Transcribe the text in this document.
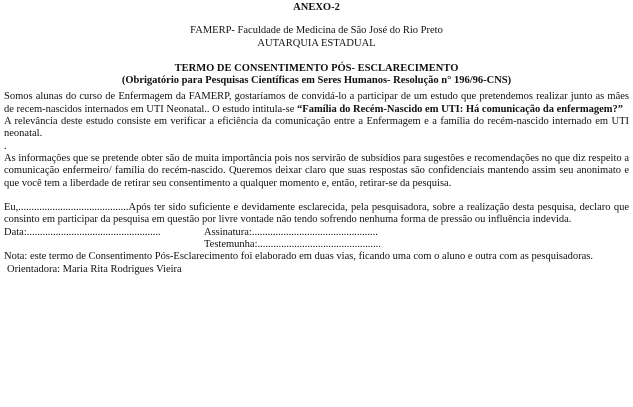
ANEXO-2
FAMERP- Faculdade de Medicina de São José do Rio Preto
AUTARQUIA ESTADUAL
TERMO DE CONSENTIMENTO PÓS- ESCLARECIMENTO
(Obrigatório para Pesquisas Científicas em Seres Humanos- Resolução n° 196/96-CNS)
Somos alunas do curso de Enfermagem da FAMERP, gostaríamos de convidá-lo a participar de um estudo que pretendemos realizar junto as mães de recem-nascidos internados em UTI Neonatal.. O estudo intitula-se “Família do Recém-Nascido em UTI: Há comunicação da enfermagem?”
A relevância deste estudo consiste em verificar a eficiência da comunicação entre a Enfermagem e a família do recém-nascido internado em UTI neonatal.
.
As informações que se pretende obter são de muita importância pois nos servirão de subsídios para sugestões e recomendações no que diz respeito a comunicação enfermeiro/ família do recém-nascido. Queremos deixar claro que suas respostas são confidenciais mantendo assim seu anonimato e que você tem a liberdade de retirar seu consentimento a qualquer momento e, então, retirar-se da pesquisa.
Eu,..........................................Após ter sido suficiente e devidamente esclarecida, pela pesquisadora, sobre a realização desta pesquisa, declaro que consinto em participar da pesquisa em questão por livre vontade não tendo sofrendo nenhuma forma de pressão ou influência indevida.
Data:...................................................	Assinatura:................................................
Testemunha:...............................................
Nota: este termo de Consentimento Pós-Esclarecimento foi elaborado em duas vias, ficando uma com o aluno e outra com as pesquisadoras.
Orientadora: Maria Rita Rodrigues Vieira
